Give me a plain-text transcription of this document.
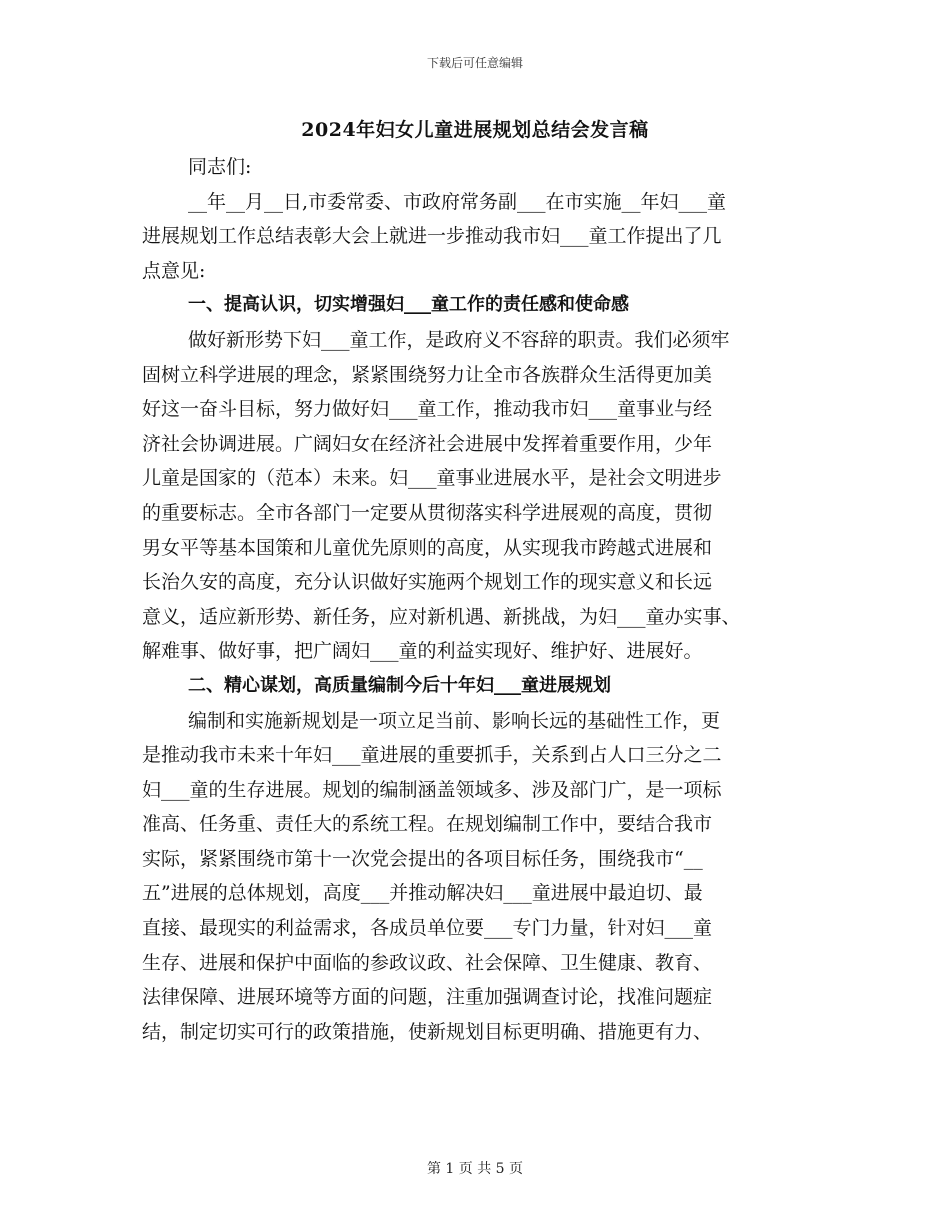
下载后可任意编辑
2024年妇女儿童进展规划总结会发言稿
同志们:
__年__月__日,市委常委、市政府常务副___在市实施__年妇___童
进展规划工作总结表彰大会上就进一步推动我市妇___童工作提出了几
点意见:
一、提高认识，切实增强妇___童工作的责任感和使命感
做好新形势下妇___童工作，是政府义不容辞的职责。我们必须牢
固树立科学进展的理念，紧紧围绕努力让全市各族群众生活得更加美
好这一奋斗目标，努力做好妇___童工作，推动我市妇___童事业与经
济社会协调进展。广阔妇女在经济社会进展中发挥着重要作用，少年
儿童是国家的（范本）未来。妇___童事业进展水平，是社会文明进步
的重要标志。全市各部门一定要从贯彻落实科学进展观的高度，贯彻
男女平等基本国策和儿童优先原则的高度，从实现我市跨越式进展和
长治久安的高度，充分认识做好实施两个规划工作的现实意义和长远
意义，适应新形势、新任务，应对新机遇、新挑战，为妇___童办实事、
解难事、做好事，把广阔妇___童的利益实现好、维护好、进展好。
二、精心谋划，高质量编制今后十年妇___童进展规划
编制和实施新规划是一项立足当前、影响长远的基础性工作，更
是推动我市未来十年妇___童进展的重要抓手，关系到占人口三分之二
妇___童的生存进展。规划的编制涵盖领域多、涉及部门广，是一项标
准高、任务重、责任大的系统工程。在规划编制工作中，要结合我市
实际，紧紧围绕市第十一次党会提出的各项目标任务，围绕我市“__
五”进展的总体规划，高度___并推动解决妇___童进展中最迫切、最
直接、最现实的利益需求，各成员单位要___专门力量，针对妇___童
生存、进展和保护中面临的参政议政、社会保障、卫生健康、教育、
法律保障、进展环境等方面的问题，注重加强调查讨论，找准问题症
结，制定切实可行的政策措施，使新规划目标更明确、措施更有力、
第 1 页 共 5 页
